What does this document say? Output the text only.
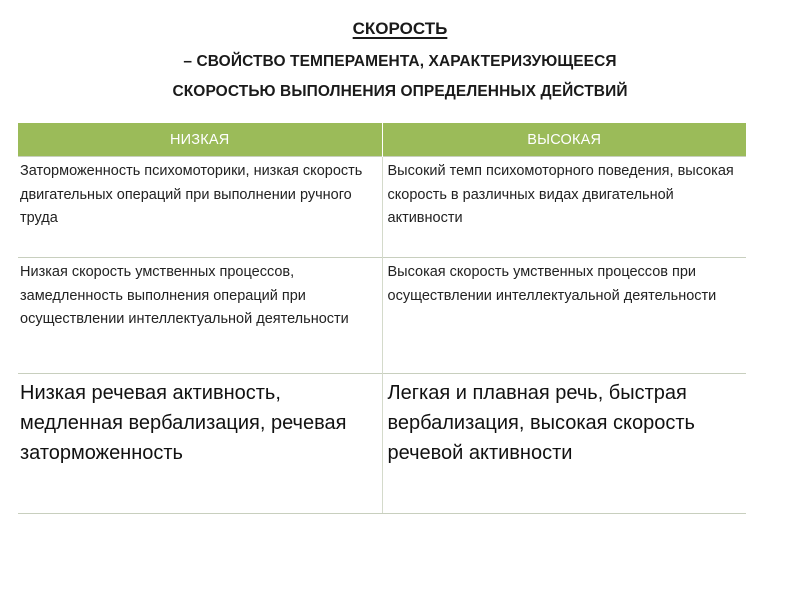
СКОРОСТЬ
– СВОЙСТВО ТЕМПЕРАМЕНТА, ХАРАКТЕРИЗУЮЩЕЕСЯ
СКОРОСТЬЮ ВЫПОЛНЕНИЯ ОПРЕДЕЛЕННЫХ ДЕЙСТВИЙ
НИЗКАЯ	ВЫСОКАЯ
Заторможенность психомоторики, низкая скорость двигательных операций при выполнении ручного труда	Высокий темп психомоторного поведения, высокая скорость в различных видах двигательной активности
Низкая скорость умственных процессов, замедленность выполнения операций при осуществлении интеллектуальной деятельности	Высокая скорость умственных процессов при осуществлении интеллектуальной деятельности
Низкая речевая активность, медленная вербализация, речевая заторможенность	Легкая и плавная речь, быстрая вербализация, высокая скорость речевой активности
